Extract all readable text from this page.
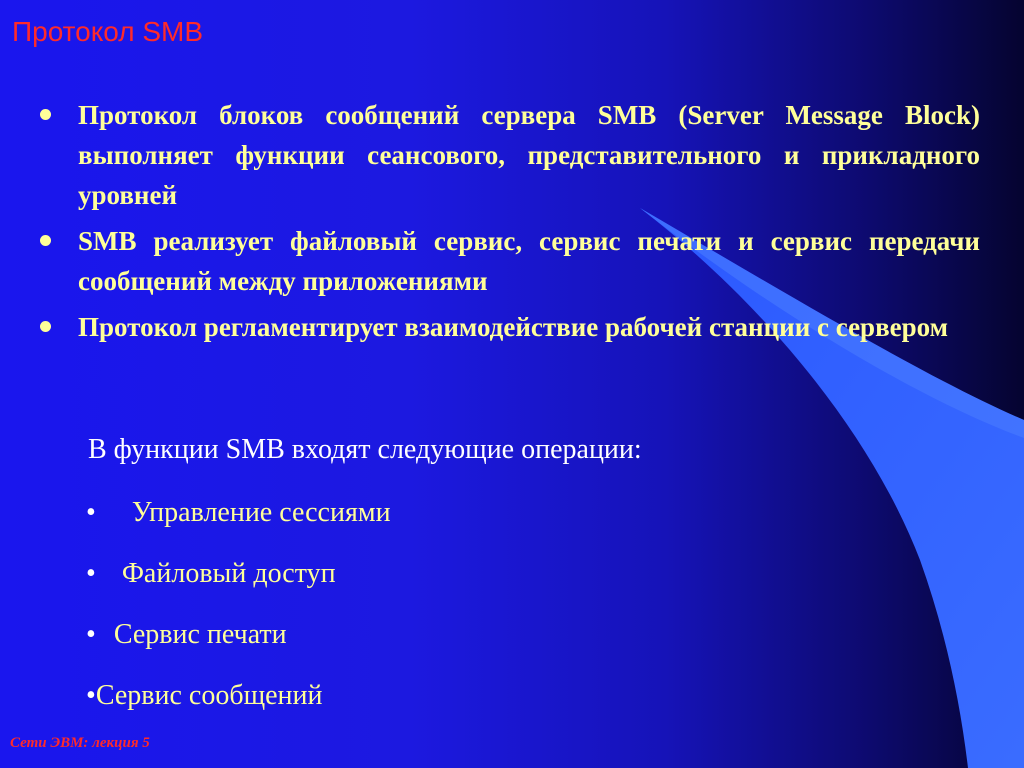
Протокол SMB
Протокол блоков сообщений сервера SMB (Server Message Block) выполняет функции сеансового, представительного и прикладного уровней
SMB реализует файловый сервис, сервис печати и сервис передачи сообщений между приложениями
Протокол регламентирует взаимодействие рабочей станции с сервером
В функции SMB входят следующие операции:
• Управление сессиями
• Файловый доступ
• Сервис печати
•Сервис сообщений
Сети ЭВМ: лекция 5
